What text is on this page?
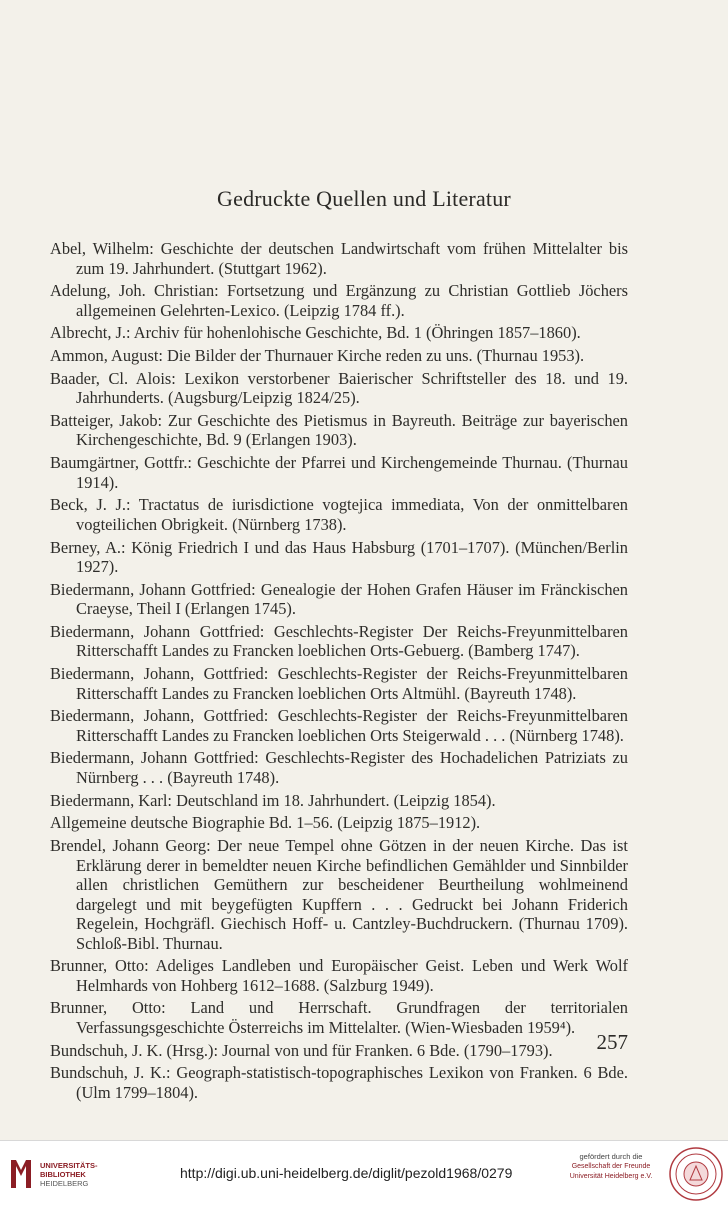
Gedruckte Quellen und Literatur

Abel, Wilhelm: Geschichte der deutschen Landwirtschaft vom frühen Mittelalter bis zum 19. Jahrhundert. (Stuttgart 1962).

Adelung, Joh. Christian: Fortsetzung und Ergänzung zu Christian Gottlieb Jöchers allgemeinen Gelehrten-Lexico. (Leipzig 1784 ff.).

Albrecht, J.: Archiv für hohenlohische Geschichte, Bd. 1 (Öhringen 1857–1860).

Ammon, August: Die Bilder der Thurnauer Kirche reden zu uns. (Thurnau 1953).

Baader, Cl. Alois: Lexikon verstorbener Baierischer Schriftsteller des 18. und 19. Jahrhunderts. (Augsburg/Leipzig 1824/25).

Batteiger, Jakob: Zur Geschichte des Pietismus in Bayreuth. Beiträge zur bayerischen Kirchengeschichte, Bd. 9 (Erlangen 1903).

Baumgärtner, Gottfr.: Geschichte der Pfarrei und Kirchengemeinde Thurnau. (Thurnau 1914).

Beck, J. J.: Tractatus de iurisdictione vogtejica immediata, Von der onmittelbaren vogteilichen Obrigkeit. (Nürnberg 1738).

Berney, A.: König Friedrich I und das Haus Habsburg (1701–1707). (München/Berlin 1927).

Biedermann, Johann Gottfried: Genealogie der Hohen Grafen Häuser im Fränckischen Craeyse, Theil I (Erlangen 1745).

Biedermann, Johann Gottfried: Geschlechts-Register Der Reichs-Freyunmittelbaren Ritterschafft Landes zu Francken loeblichen Orts-Gebuerg. (Bamberg 1747).

Biedermann, Johann, Gottfried: Geschlechts-Register der Reichs-Freyunmittelbaren Ritterschafft Landes zu Francken loeblichen Orts Altmühl. (Bayreuth 1748).

Biedermann, Johann, Gottfried: Geschlechts-Register der Reichs-Freyunmittelbaren Ritterschafft Landes zu Francken loeblichen Orts Steigerwald . . . (Nürnberg 1748).

Biedermann, Johann Gottfried: Geschlechts-Register des Hochadelichen Patriziats zu Nürnberg . . . (Bayreuth 1748).

Biedermann, Karl: Deutschland im 18. Jahrhundert. (Leipzig 1854).

Allgemeine deutsche Biographie Bd. 1–56. (Leipzig 1875–1912).

Brendel, Johann Georg: Der neue Tempel ohne Götzen in der neuen Kirche. Das ist Erklärung derer in bemeldter neuen Kirche befindlichen Gemählder und Sinnbilder allen christlichen Gemüthern zur bescheidener Beurtheilung wohlmeinend dargelegt und mit beygefügten Kupffern . . . Gedruckt bei Johann Friderich Regelein, Hochgräfl. Giechisch Hoff- u. Cantzley-Buchdruckern. (Thurnau 1709). Schloß-Bibl. Thurnau.

Brunner, Otto: Adeliges Landleben und Europäischer Geist. Leben und Werk Wolf Helmhards von Hohberg 1612–1688. (Salzburg 1949).

Brunner, Otto: Land und Herrschaft. Grundfragen der territorialen Verfassungsgeschichte Österreichs im Mittelalter. (Wien-Wiesbaden 1959⁴).

Bundschuh, J. K. (Hrsg.): Journal von und für Franken. 6 Bde. (1790–1793).

Bundschuh, J. K.: Geograph-statistisch-topographisches Lexikon von Franken. 6 Bde. (Ulm 1799–1804).

257
UNIVERSITÄTS-
BIBLIOTHEK
HEIDELBERG
http://digi.ub.uni-heidelberg.de/diglit/pezold1968/0279
gefördert durch die
Gesellschaft der Freunde
Universität Heidelberg e.V.
